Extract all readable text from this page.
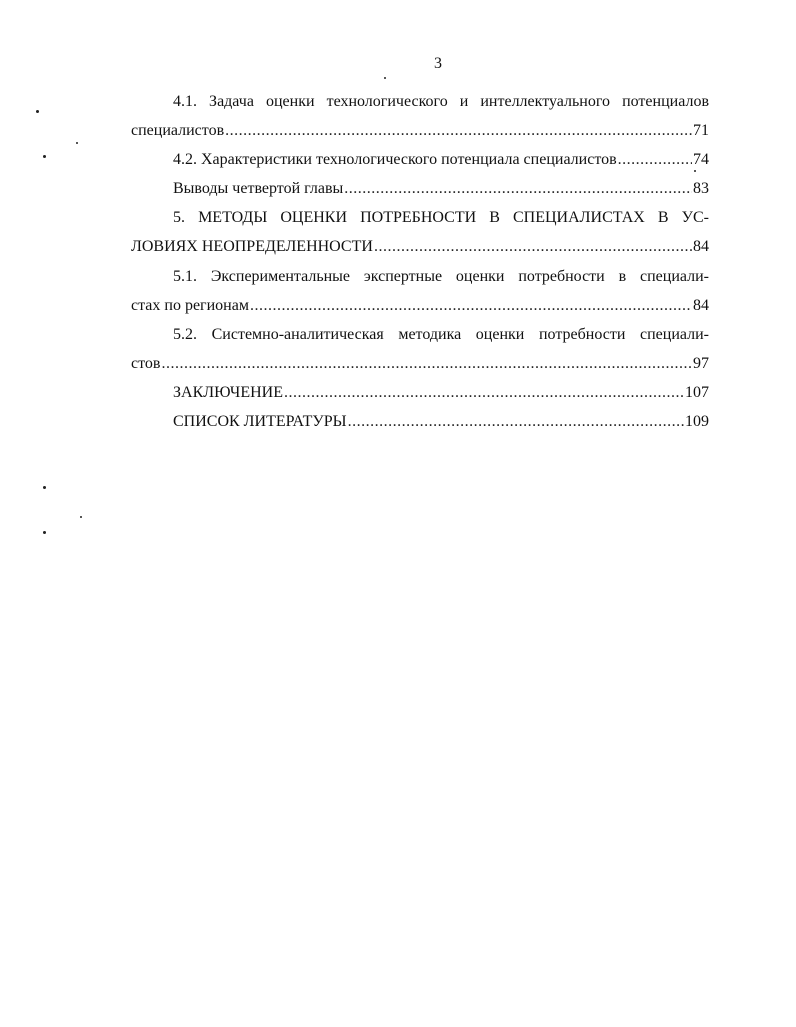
3
4.1. Задача оценки технологического и интеллектуального потенциалов
специалистов .....	71
4.2. Характеристики технологического потенциала специалистов .....	74
Выводы четвертой главы .....	83
5. МЕТОДЫ ОЦЕНКИ ПОТРЕБНОСТИ В СПЕЦИАЛИСТАХ В УС-
ЛОВИЯХ НЕОПРЕДЕЛЕННОСТИ .....	84
5.1. Экспериментальные экспертные оценки потребности в специали-
стах по регионам .....	84
5.2. Системно-аналитическая методика оценки потребности специали-
стов .....	97
ЗАКЛЮЧЕНИЕ .....	107
СПИСОК ЛИТЕРАТУРЫ .....	109
